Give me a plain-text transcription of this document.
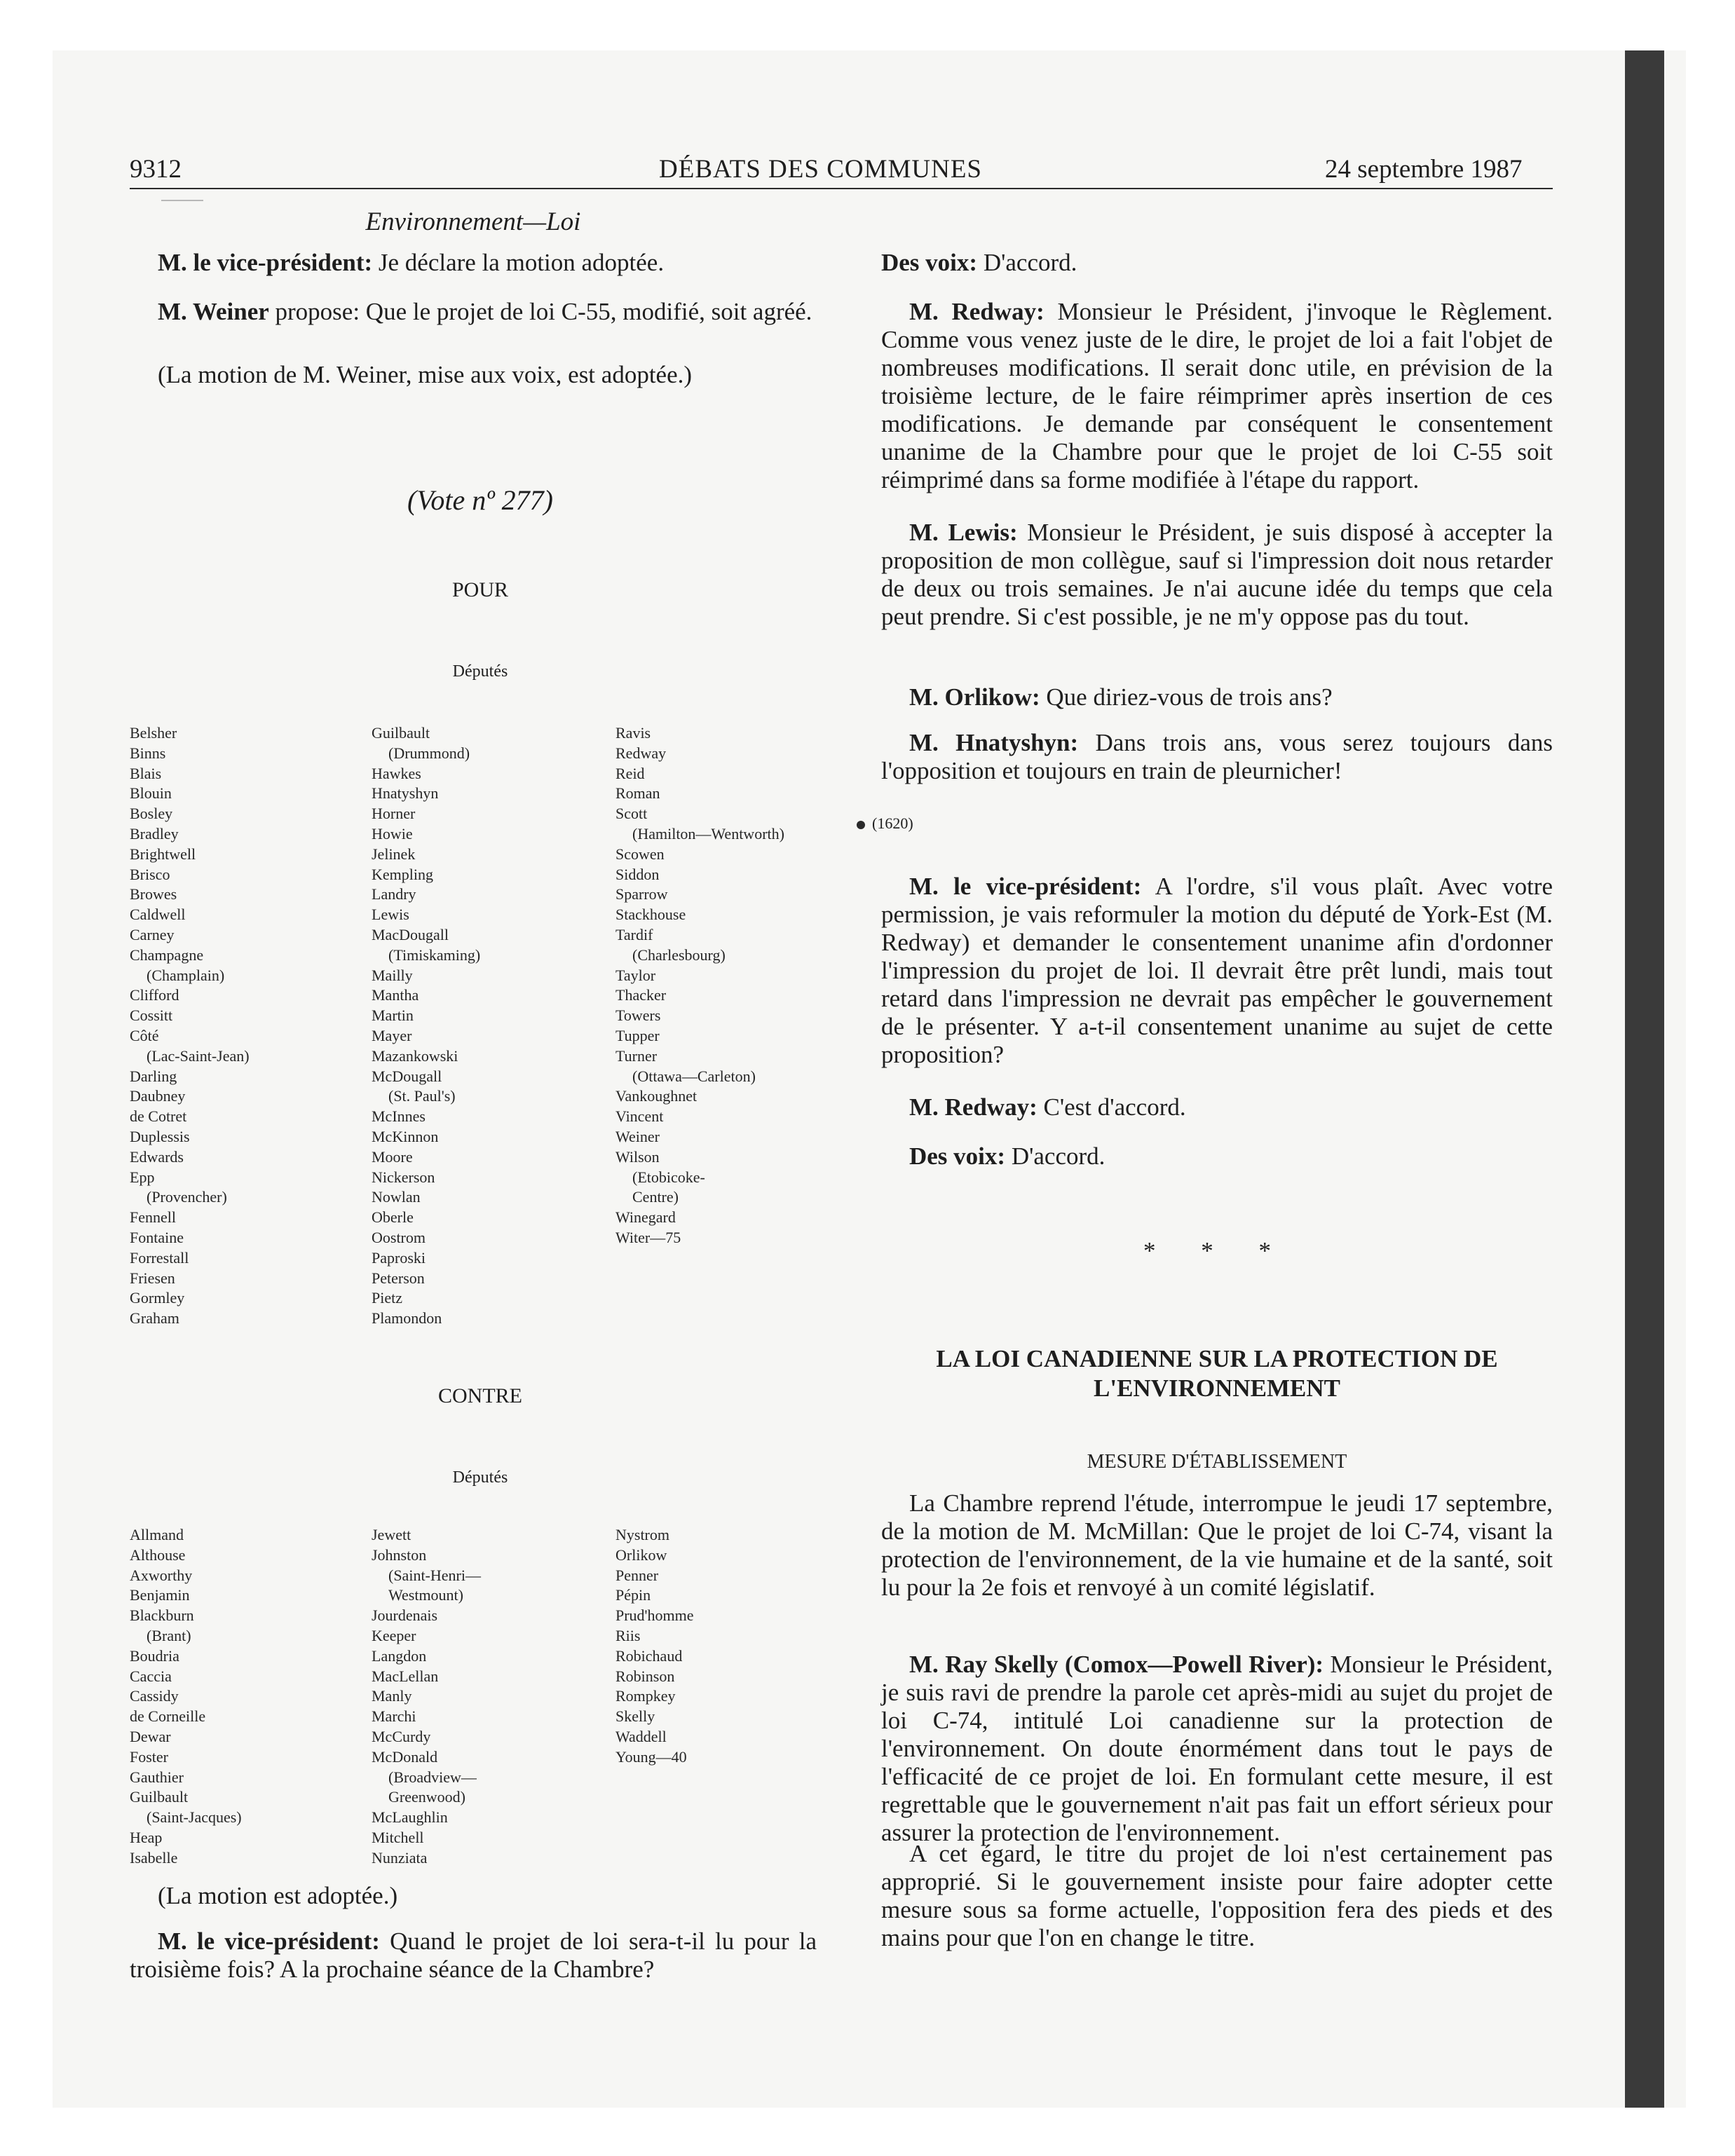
9312	DÉBATS DES COMMUNES	24 septembre 1987
Environnement—Loi
M. le vice-président: Je déclare la motion adoptée.
M. Weiner propose: Que le projet de loi C-55, modifié, soit agréé.
(La motion de M. Weiner, mise aux voix, est adoptée.)
(Vote nº 277)
POUR
Députés
Belsher
Binns
Blais
Blouin
Bosley
Bradley
Brightwell
Brisco
Browes
Caldwell
Carney
Champagne
(Champlain)
Clifford
Cossitt
Côté
(Lac-Saint-Jean)
Darling
Daubney
de Cotret
Duplessis
Edwards
Epp
(Provencher)
Fennell
Fontaine
Forrestall
Friesen
Gormley
Graham
Guilbault
(Drummond)
Hawkes
Hnatyshyn
Horner
Howie
Jelinek
Kempling
Landry
Lewis
MacDougall
(Timiskaming)
Mailly
Mantha
Martin
Mayer
Mazankowski
McDougall
(St. Paul's)
McInnes
McKinnon
Moore
Nickerson
Nowlan
Oberle
Oostrom
Paproski
Peterson
Pietz
Plamondon
Ravis
Redway
Reid
Roman
Scott
(Hamilton—Wentworth)
Scowen
Siddon
Sparrow
Stackhouse
Tardif
(Charlesbourg)
Taylor
Thacker
Towers
Tupper
Turner
(Ottawa—Carleton)
Vankoughnet
Vincent
Weiner
Wilson
(Etobicoke-
Centre)
Winegard
Witer—75
CONTRE
Députés
Allmand
Althouse
Axworthy
Benjamin
Blackburn
(Brant)
Boudria
Caccia
Cassidy
de Corneille
Dewar
Foster
Gauthier
Guilbault
(Saint-Jacques)
Heap
Isabelle
Jewett
Johnston
(Saint-Henri—
Westmount)
Jourdenais
Keeper
Langdon
MacLellan
Manly
Marchi
McCurdy
McDonald
(Broadview—
Greenwood)
McLaughlin
Mitchell
Nunziata
Nystrom
Orlikow
Penner
Pépin
Prud'homme
Riis
Robichaud
Robinson
Rompkey
Skelly
Waddell
Young—40
(La motion est adoptée.)
M. le vice-président: Quand le projet de loi sera-t-il lu pour la troisième fois? A la prochaine séance de la Chambre?
Des voix: D'accord.
M. Redway: Monsieur le Président, j'invoque le Règlement. Comme vous venez juste de le dire, le projet de loi a fait l'objet de nombreuses modifications. Il serait donc utile, en prévision de la troisième lecture, de le faire réimprimer après insertion de ces modifications. Je demande par conséquent le consentement unanime de la Chambre pour que le projet de loi C-55 soit réimprimé dans sa forme modifiée à l'étape du rapport.
M. Lewis: Monsieur le Président, je suis disposé à accepter la proposition de mon collègue, sauf si l'impression doit nous retarder de deux ou trois semaines. Je n'ai aucune idée du temps que cela peut prendre. Si c'est possible, je ne m'y oppose pas du tout.
M. Orlikow: Que diriez-vous de trois ans?
M. Hnatyshyn: Dans trois ans, vous serez toujours dans l'opposition et toujours en train de pleurnicher!
(1620)
M. le vice-président: A l'ordre, s'il vous plaît. Avec votre permission, je vais reformuler la motion du député de York-Est (M. Redway) et demander le consentement unanime afin d'ordonner l'impression du projet de loi. Il devrait être prêt lundi, mais tout retard dans l'impression ne devrait pas empêcher le gouvernement de le présenter. Y a-t-il consentement unanime au sujet de cette proposition?
M. Redway: C'est d'accord.
Des voix: D'accord.
* * *
LA LOI CANADIENNE SUR LA PROTECTION DE L'ENVIRONNEMENT
MESURE D'ÉTABLISSEMENT
La Chambre reprend l'étude, interrompue le jeudi 17 septembre, de la motion de M. McMillan: Que le projet de loi C-74, visant la protection de l'environnement, de la vie humaine et de la santé, soit lu pour la 2e fois et renvoyé à un comité législatif.
M. Ray Skelly (Comox—Powell River): Monsieur le Président, je suis ravi de prendre la parole cet après-midi au sujet du projet de loi C-74, intitulé Loi canadienne sur la protection de l'environnement. On doute énormément dans tout le pays de l'efficacité de ce projet de loi. En formulant cette mesure, il est regrettable que le gouvernement n'ait pas fait un effort sérieux pour assurer la protection de l'environnement.
A cet égard, le titre du projet de loi n'est certainement pas approprié. Si le gouvernement insiste pour faire adopter cette mesure sous sa forme actuelle, l'opposition fera des pieds et des mains pour que l'on en change le titre.
